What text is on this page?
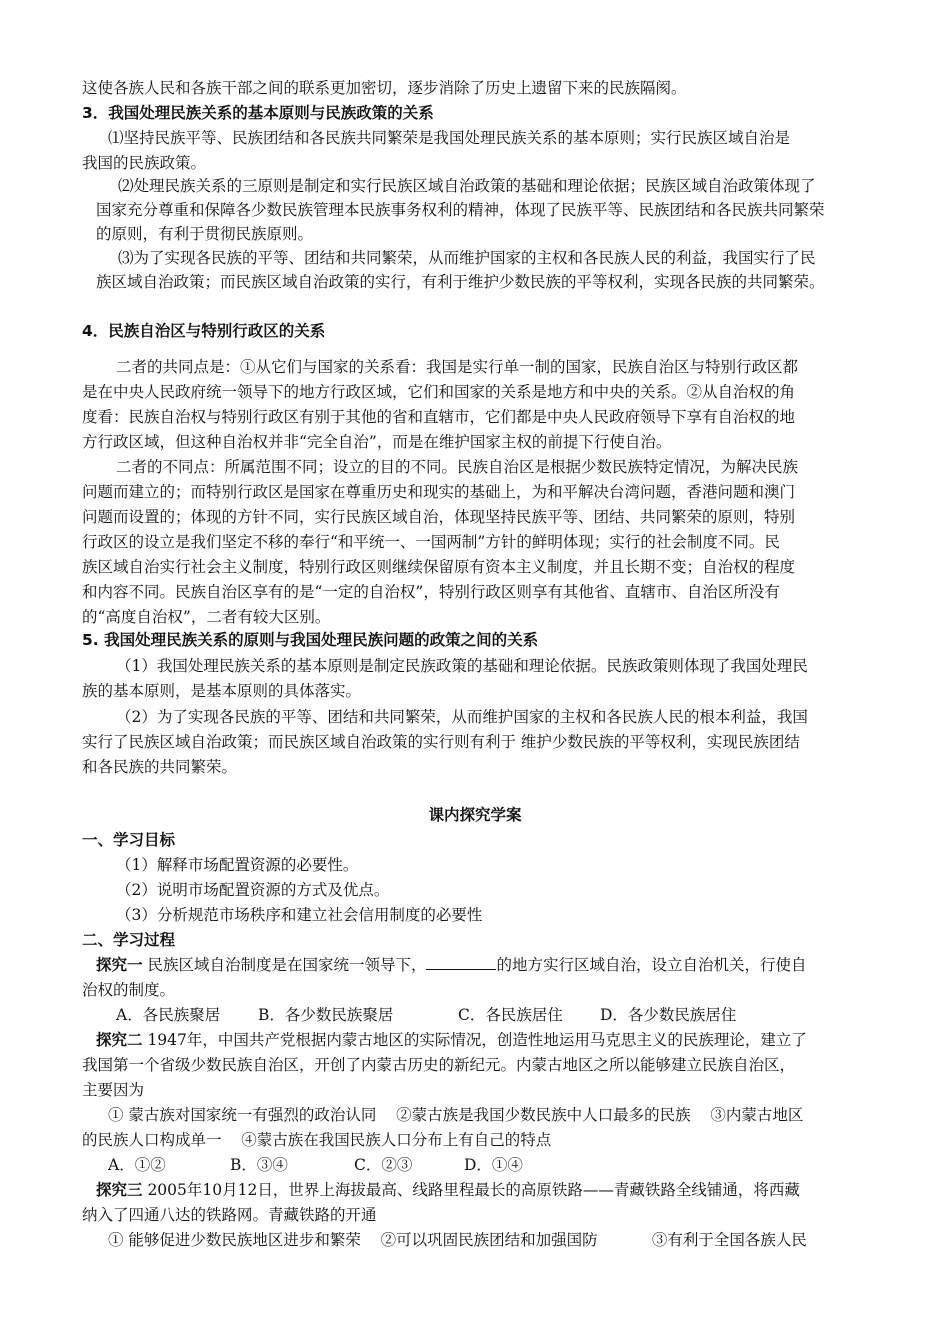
这使各族人民和各族干部之间的联系更加密切，逐步消除了历史上遗留下来的民族隔阂。
3．我国处理民族关系的基本原则与民族政策的关系
⑴坚持民族平等、民族团结和各民族共同繁荣是我国处理民族关系的基本原则；实行民族区域自治是
我国的民族政策。
⑵处理民族关系的三原则是制定和实行民族区域自治政策的基础和理论依据；民族区域自治政策体现了
国家充分尊重和保障各少数民族管理本民族事务权利的精神，体现了民族平等、民族团结和各民族共同繁荣
的原则，有利于贯彻民族原则。
⑶为了实现各民族的平等、团结和共同繁荣，从而维护国家的主权和各民族人民的利益，我国实行了民
族区域自治政策；而民族区域自治政策的实行，有利于维护少数民族的平等权利，实现各民族的共同繁荣。
4．民族自治区与特别行政区的关系
二者的共同点是：①从它们与国家的关系看：我国是实行单一制的国家，民族自治区与特别行政区都
是在中央人民政府统一领导下的地方行政区域，它们和国家的关系是地方和中央的关系。②从自治权的角
度看：民族自治权与特别行政区有别于其他的省和直辖市，它们都是中央人民政府领导下享有自治权的地
方行政区域，但这种自治权并非“完全自治”，而是在维护国家主权的前提下行使自治。
二者的不同点：所属范围不同；设立的目的不同。民族自治区是根据少数民族特定情况，为解决民族
问题而建立的；而特别行政区是国家在尊重历史和现实的基础上，为和平解决台湾问题，香港问题和澳门
问题而设置的；体现的方针不同，实行民族区域自治，体现坚持民族平等、团结、共同繁荣的原则，特别
行政区的设立是我们坚定不移的奉行“和平统一、一国两制”方针的鲜明体现；实行的社会制度不同。民
族区域自治实行社会主义制度，特别行政区则继续保留原有资本主义制度，并且长期不变；自治权的程度
和内容不同。民族自治区享有的是“一定的自治权”，特别行政区则享有其他省、直辖市、自治区所没有
的“高度自治权”，二者有较大区别。
5. 我国处理民族关系的原则与我国处理民族问题的政策之间的关系
（1）我国处理民族关系的基本原则是制定民族政策的基础和理论依据。民族政策则体现了我国处理民
族的基本原则，是基本原则的具体落实。
（2）为了实现各民族的平等、团结和共同繁荣，从而维护国家的主权和各民族人民的根本利益，我国
实行了民族区域自治政策；而民族区域自治政策的实行则有利于 维护少数民族的平等权利，实现民族团结
和各民族的共同繁荣。
课内探究学案
一、学习目标
（1）解释市场配置资源的必要性。
（2）说明市场配置资源的方式及优点。
（3）分析规范市场秩序和建立社会信用制度的必要性
二、学习过程
探究一 民族区域自治制度是在国家统一领导下，	的地方实行区域自治，设立自治机关，行使自
治权的制度。
A．各民族聚居 B．各少数民族聚居	C．各民族居住 D．各少数民族居住
探究二 1947年，中国共产党根据内蒙古地区的实际情况，创造性地运用马克思主义的民族理论，建立了
我国第一个省级少数民族自治区，开创了内蒙古历史的新纪元。内蒙古地区之所以能够建立民族自治区，
主要因为
① 蒙古族对国家统一有强烈的政治认同    ②蒙古族是我国少数民族中人口最多的民族    ③内蒙古地区
的民族人口构成单一    ④蒙古族在我国民族人口分布上有自己的特点
A．①②	B．③④	C．②③	D．①④
探究三 2005年10月12日，世界上海拔最高、线路里程最长的高原铁路——青藏铁路全线铺通，将西藏
纳入了四通八达的铁路网。青藏铁路的开通
① 能够促进少数民族地区进步和繁荣    ②可以巩固民族团结和加强国防           ③有利于全国各族人民
